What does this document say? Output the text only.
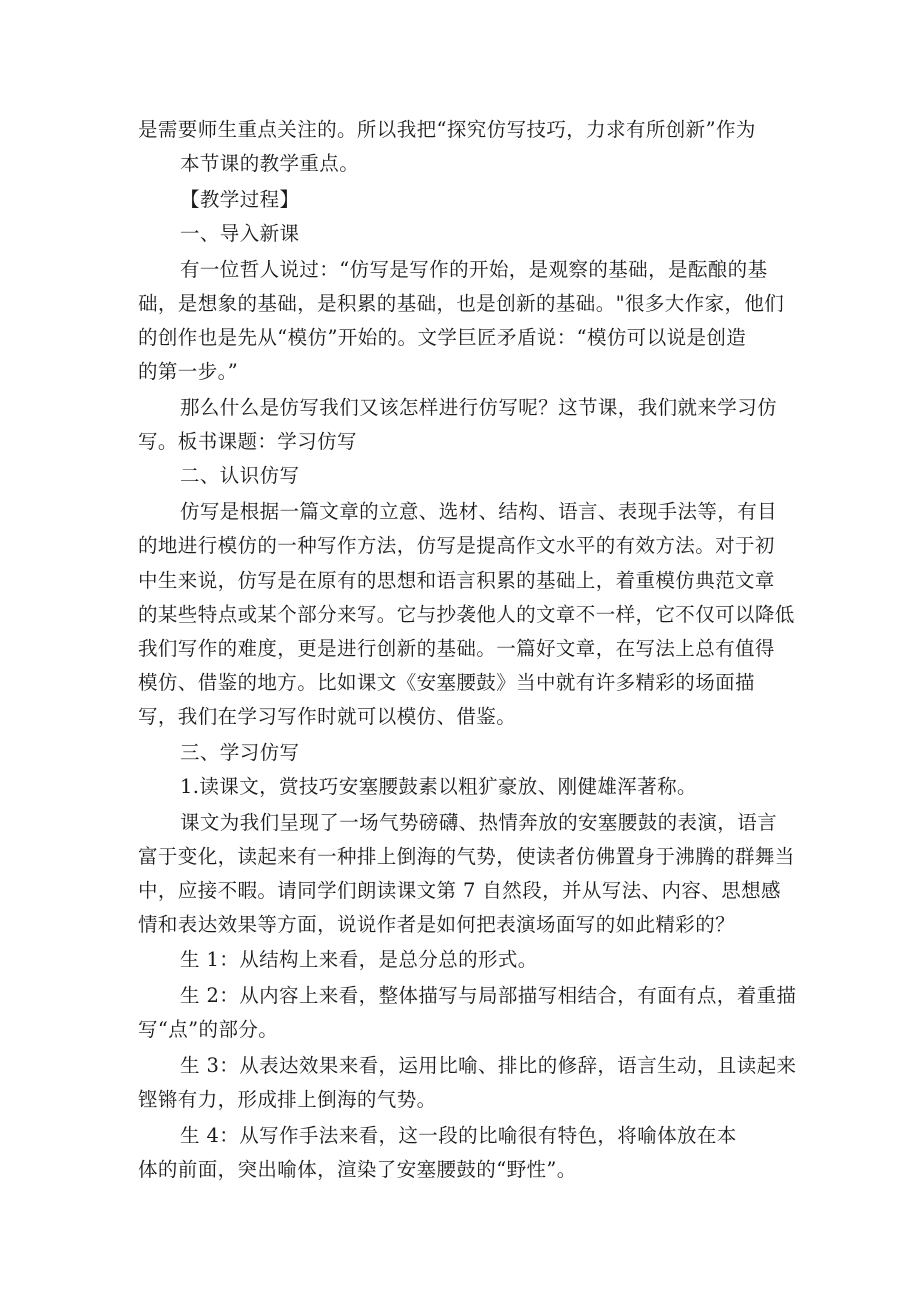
是需要师生重点关注的。所以我把“探究仿写技巧，力求有所创新”作为
本节课的教学重点。
【教学过程】
一、导入新课
有一位哲人说过：“仿写是写作的开始，是观察的基础，是酝酿的基
础，是想象的基础，是积累的基础，也是创新的基础。"很多大作家，他们
的创作也是先从“模仿”开始的。文学巨匠矛盾说：“模仿可以说是创造
的第一步。”
那么什么是仿写我们又该怎样进行仿写呢？这节课，我们就来学习仿
写。板书课题：学习仿写
二、认识仿写
仿写是根据一篇文章的立意、选材、结构、语言、表现手法等，有目
的地进行模仿的一种写作方法，仿写是提高作文水平的有效方法。对于初
中生来说，仿写是在原有的思想和语言积累的基础上，着重模仿典范文章
的某些特点或某个部分来写。它与抄袭他人的文章不一样，它不仅可以降低
我们写作的难度，更是进行创新的基础。一篇好文章，在写法上总有值得
模仿、借鉴的地方。比如课文《安塞腰鼓》当中就有许多精彩的场面描
写，我们在学习写作时就可以模仿、借鉴。
三、学习仿写
1.读课文，赏技巧安塞腰鼓素以粗犷豪放、刚健雄浑著称。
课文为我们呈现了一场气势磅礴、热情奔放的安塞腰鼓的表演，语言
富于变化，读起来有一种排上倒海的气势，使读者仿佛置身于沸腾的群舞当
中，应接不暇。请同学们朗读课文第 7 自然段，并从写法、内容、思想感
情和表达效果等方面，说说作者是如何把表演场面写的如此精彩的？
生 1：从结构上来看，是总分总的形式。
生 2：从内容上来看，整体描写与局部描写相结合，有面有点，着重描
写“点”的部分。
生 3：从表达效果来看，运用比喻、排比的修辞，语言生动，且读起来
铿锵有力，形成排上倒海的气势。
生 4：从写作手法来看，这一段的比喻很有特色，将喻体放在本
体的前面，突出喻体，渲染了安塞腰鼓的“野性”。
